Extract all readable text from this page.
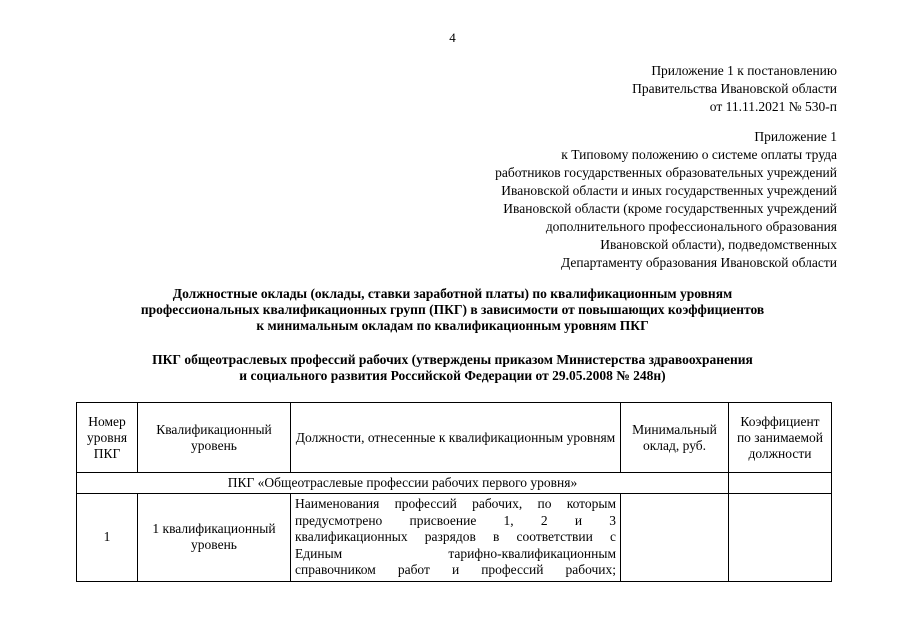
4
Приложение 1 к постановлению
Правительства Ивановской области
от 11.11.2021 № 530-п
Приложение 1
к Типовому положению о системе оплаты труда
работников государственных образовательных учреждений
Ивановской области и иных государственных учреждений
Ивановской области (кроме государственных учреждений
дополнительного профессионального образования
Ивановской области), подведомственных
Департаменту образования Ивановской области
Должностные оклады (оклады, ставки заработной платы) по квалификационным уровням
профессиональных квалификационных групп (ПКГ) в зависимости от повышающих коэффициентов
к минимальным окладам по квалификационным уровням ПКГ
ПКГ общеотраслевых профессий рабочих (утверждены приказом Министерства здравоохранения
и социального развития Российской Федерации от 29.05.2008 № 248н)
Номер уровня ПКГ	Квалификационный уровень	Должности, отнесенные к квалификационным уровням	Минимальный оклад, руб.	Коэффициент по занимаемой должности
ПКГ «Общеотраслевые профессии рабочих первого уровня»				
1	1 квалификационный уровень	Наименования профессий рабочих, по которым
предусмотрено присвоение 1, 2 и 3
квалификационных разрядов в соответствии с
Единым тарифно-квалификационным
справочником работ и профессий рабочих;		
